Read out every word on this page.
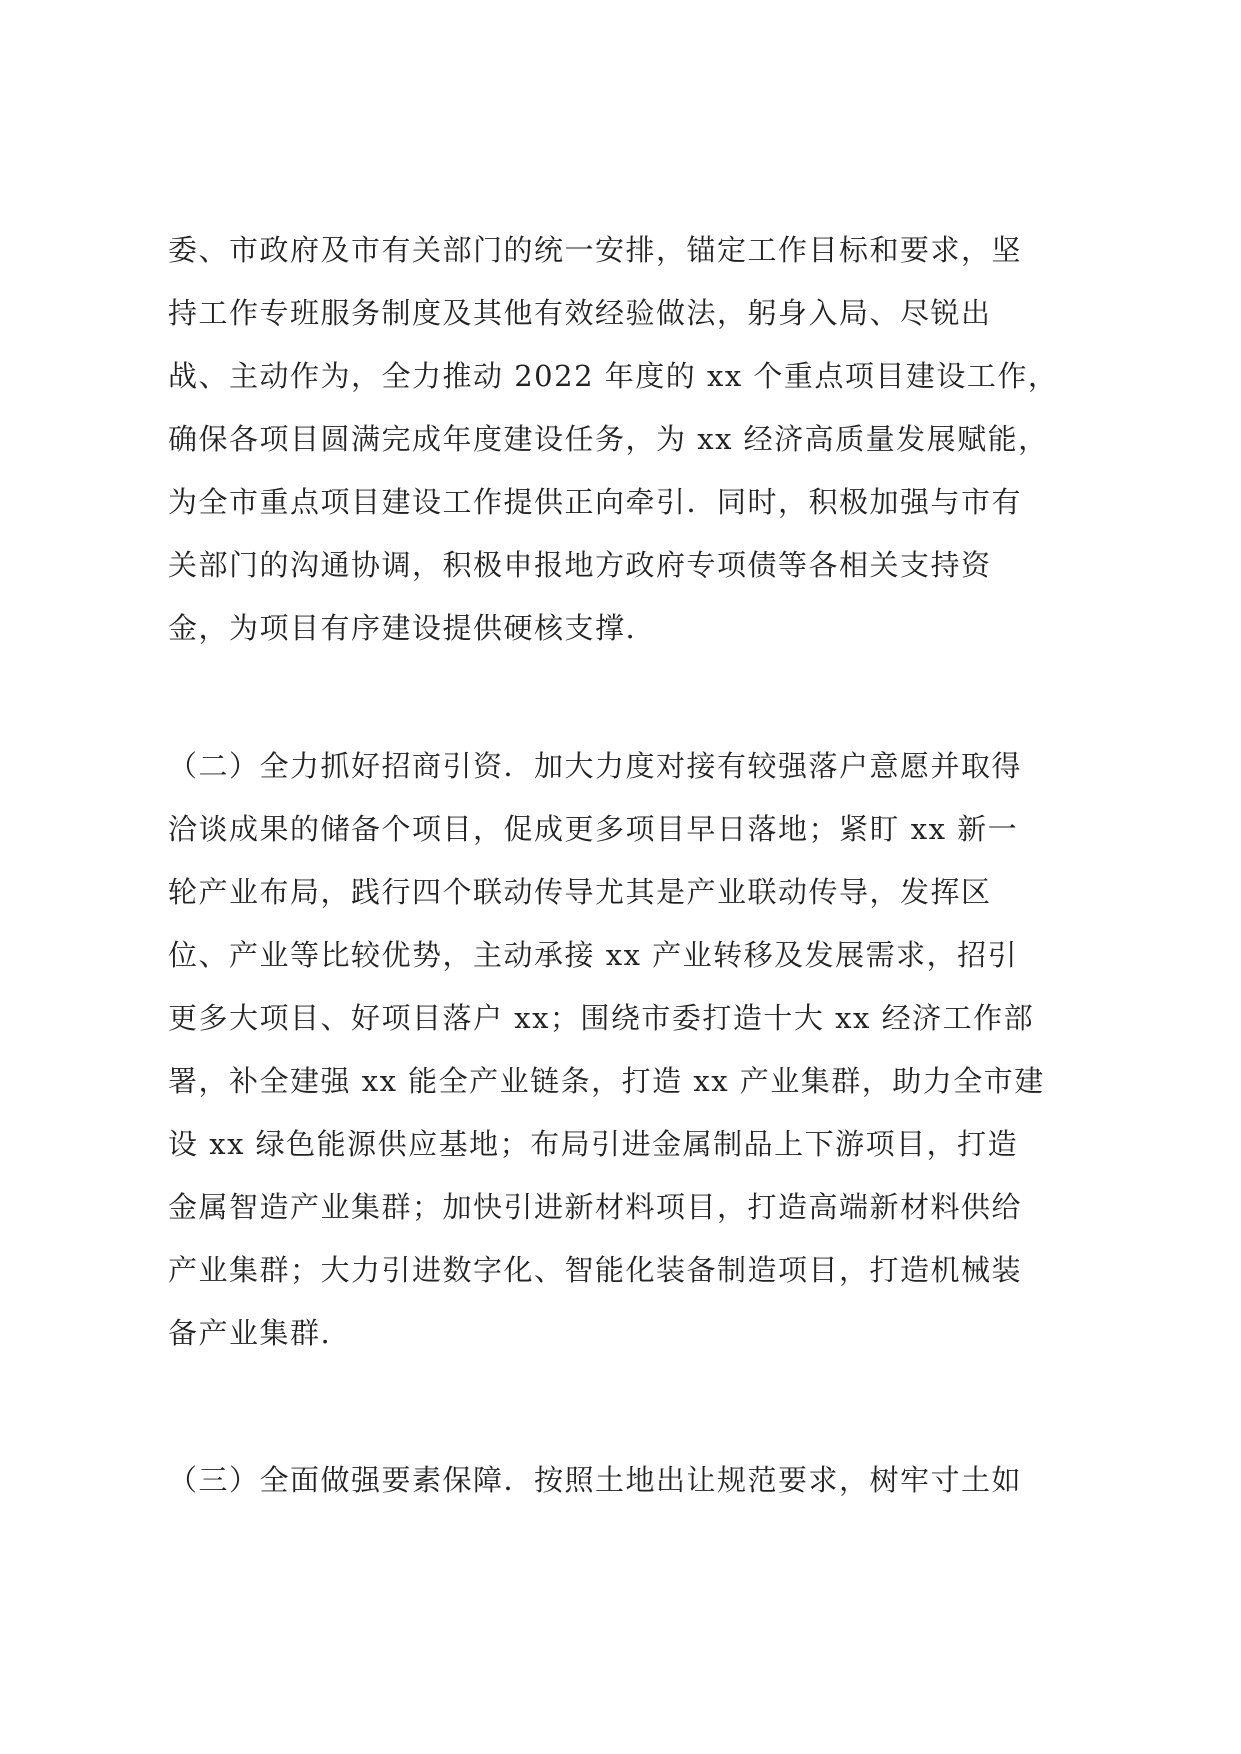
委、市政府及市有关部门的统一安排，锚定工作目标和要求，坚
持工作专班服务制度及其他有效经验做法，躬身入局、尽锐出
战、主动作为，全力推动 2022 年度的 xx 个重点项目建设工作，
确保各项目圆满完成年度建设任务，为 xx 经济高质量发展赋能，
为全市重点项目建设工作提供正向牵引．同时，积极加强与市有
关部门的沟通协调，积极申报地方政府专项债等各相关支持资
金，为项目有序建设提供硬核支撑.
（二）全力抓好招商引资．加大力度对接有较强落户意愿并取得
洽谈成果的储备个项目，促成更多项目早日落地；紧盯 xx 新一
轮产业布局，践行四个联动传导尤其是产业联动传导，发挥区
位、产业等比较优势，主动承接 xx 产业转移及发展需求，招引
更多大项目、好项目落户 xx；围绕市委打造十大 xx 经济工作部
署，补全建强 xx 能全产业链条，打造 xx 产业集群，助力全市建
设 xx 绿色能源供应基地；布局引进金属制品上下游项目，打造
金属智造产业集群；加快引进新材料项目，打造高端新材料供给
产业集群；大力引进数字化、智能化装备制造项目，打造机械装
备产业集群.
（三）全面做强要素保障．按照土地出让规范要求，树牢寸土如
